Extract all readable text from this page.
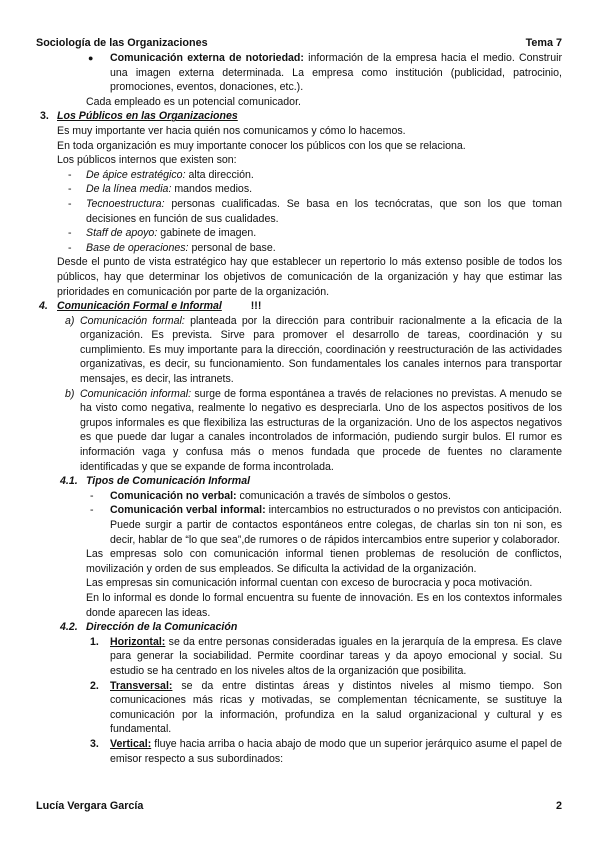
Sociología de las Organizaciones	Tema 7
● Comunicación externa de notoriedad: información de la empresa hacia el medio. Construir una imagen externa determinada. La empresa como institución (publicidad, patrocinio, promociones, eventos, donaciones, etc.).
Cada empleado es un potencial comunicador.
3. Los Públicos en las Organizaciones
Es muy importante ver hacia quién nos comunicamos y cómo lo hacemos.
En toda organización es muy importante conocer los públicos con los que se relaciona.
Los públicos internos que existen son:
- De ápice estratégico: alta dirección.
- De la línea media: mandos medios.
- Tecnoestructura: personas cualificadas. Se basa en los tecnócratas, que son los que toman decisiones en función de sus cualidades.
- Staff de apoyo: gabinete de imagen.
- Base de operaciones: personal de base.
Desde el punto de vista estratégico hay que establecer un repertorio lo más extenso posible de todos los públicos, hay que determinar los objetivos de comunicación de la organización y hay que estimar las prioridades en comunicación por parte de la organización.
4. Comunicación Formal e Informal	!!!
a) Comunicación formal: planteada por la dirección para contribuir racionalmente a la eficacia de la organización. Es prevista. Sirve para promover el desarrollo de tareas, coordinación y su cumplimiento. Es muy importante para la dirección, coordinación y reestructuración de las actividades organizativas, es decir, su funcionamiento. Son fundamentales los canales internos para transportar mensajes, es decir, las intranets.
b) Comunicación informal: surge de forma espontánea a través de relaciones no previstas. A menudo se ha visto como negativa, realmente lo negativo es despreciarla. Uno de los aspectos positivos de los grupos informales es que flexibiliza las estructuras de la organización. Uno de los aspectos negativos es que puede dar lugar a canales incontrolados de información, pudiendo surgir bulos. El rumor es información vaga y confusa más o menos fundada que procede de fuentes no claramente identificadas y que se expande de forma incontrolada.
4.1. Tipos de Comunicación Informal
- Comunicación no verbal: comunicación a través de símbolos o gestos.
- Comunicación verbal informal: intercambios no estructurados o no previstos con anticipación. Puede surgir a partir de contactos espontáneos entre colegas, de charlas sin ton ni son, es decir, hablar de “lo que sea”,de rumores o de rápidos intercambios entre superior y colaborador.
Las empresas solo con comunicación informal tienen problemas de resolución de conflictos, movilización y orden de sus empleados. Se dificulta la actividad de la organización.
Las empresas sin comunicación informal cuentan con exceso de burocracia y poca motivación.
En lo informal es donde lo formal encuentra su fuente de innovación. Es en los contextos informales donde aparecen las ideas.
4.2. Dirección de la Comunicación
1. Horizontal: se da entre personas consideradas iguales en la jerarquía de la empresa. Es clave para generar la sociabilidad. Permite coordinar tareas y da apoyo emocional y social. Su estudio se ha centrado en los niveles altos de la organización que posibilita.
2. Transversal: se da entre distintas áreas y distintos niveles al mismo tiempo. Son comunicaciones más ricas y motivadas, se complementan técnicamente, se sustituye la comunicación por la información, profundiza en la salud organizacional y cultural y es fundamental.
3. Vertical: fluye hacia arriba o hacia abajo de modo que un superior jerárquico asume el papel de emisor respecto a sus subordinados:
Lucía Vergara García	2
